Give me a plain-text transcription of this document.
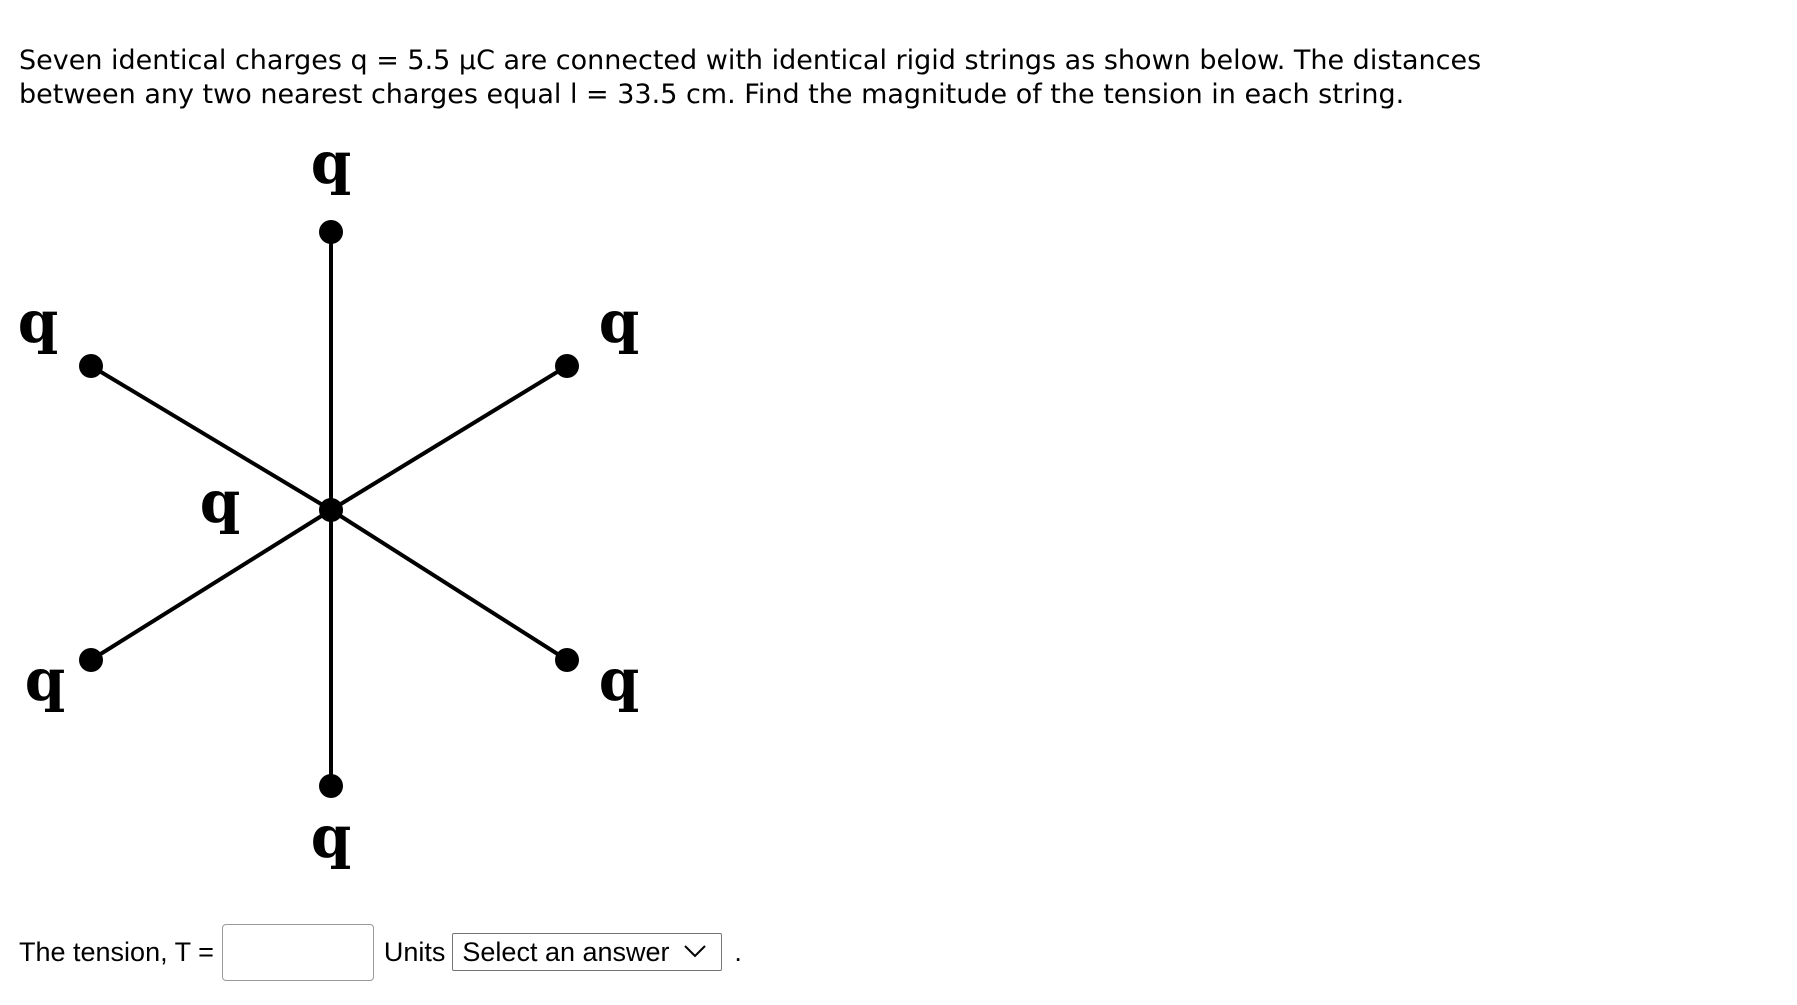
Seven identical charges q = 5.5 μC are connected with identical rigid strings as shown below. The distances
between any two nearest charges equal l = 33.5 cm. Find the magnitude of the tension in each string.

q
q
q	q
q
q	q
The tension, T =	Units Select an answer .
